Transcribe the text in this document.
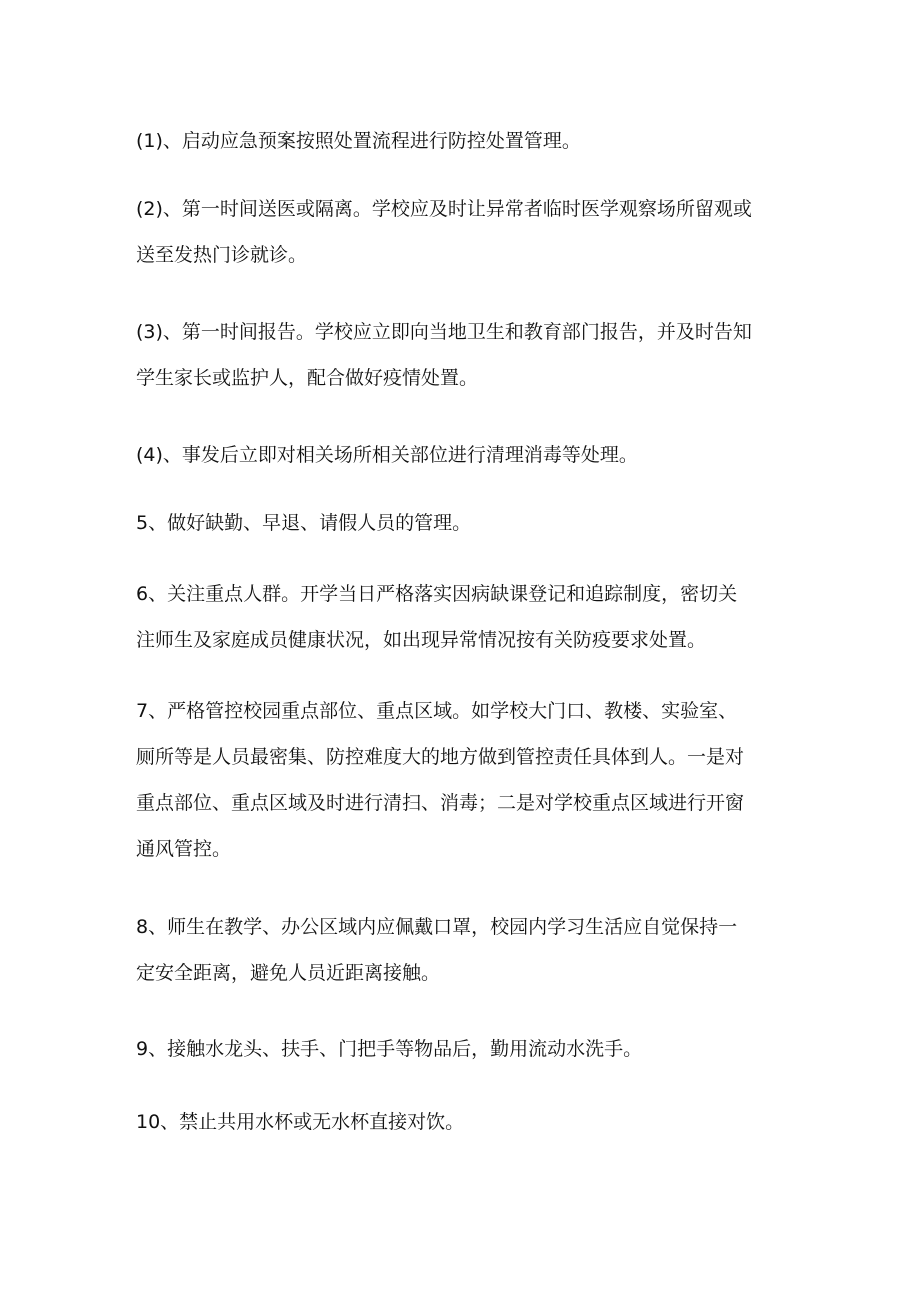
(1)、启动应急预案按照处置流程进行防控处置管理。

(2)、第一时间送医或隔离。学校应及时让异常者临时医学观察场所留观或
送至发热门诊就诊。

(3)、第一时间报告。学校应立即向当地卫生和教育部门报告，并及时告知
学生家长或监护人，配合做好疫情处置。

(4)、事发后立即对相关场所相关部位进行清理消毒等处理。

5、做好缺勤、早退、请假人员的管理。

6、关注重点人群。开学当日严格落实因病缺课登记和追踪制度，密切关
注师生及家庭成员健康状况，如出现异常情况按有关防疫要求处置。

7、严格管控校园重点部位、重点区域。如学校大门口、教楼、实验室、
厕所等是人员最密集、防控难度大的地方做到管控责任具体到人。一是对
重点部位、重点区域及时进行清扫、消毒；二是对学校重点区域进行开窗
通风管控。

8、师生在教学、办公区域内应佩戴口罩，校园内学习生活应自觉保持一
定安全距离，避免人员近距离接触。

9、接触水龙头、扶手、门把手等物品后，勤用流动水洗手。

10、禁止共用水杯或无水杯直接对饮。
